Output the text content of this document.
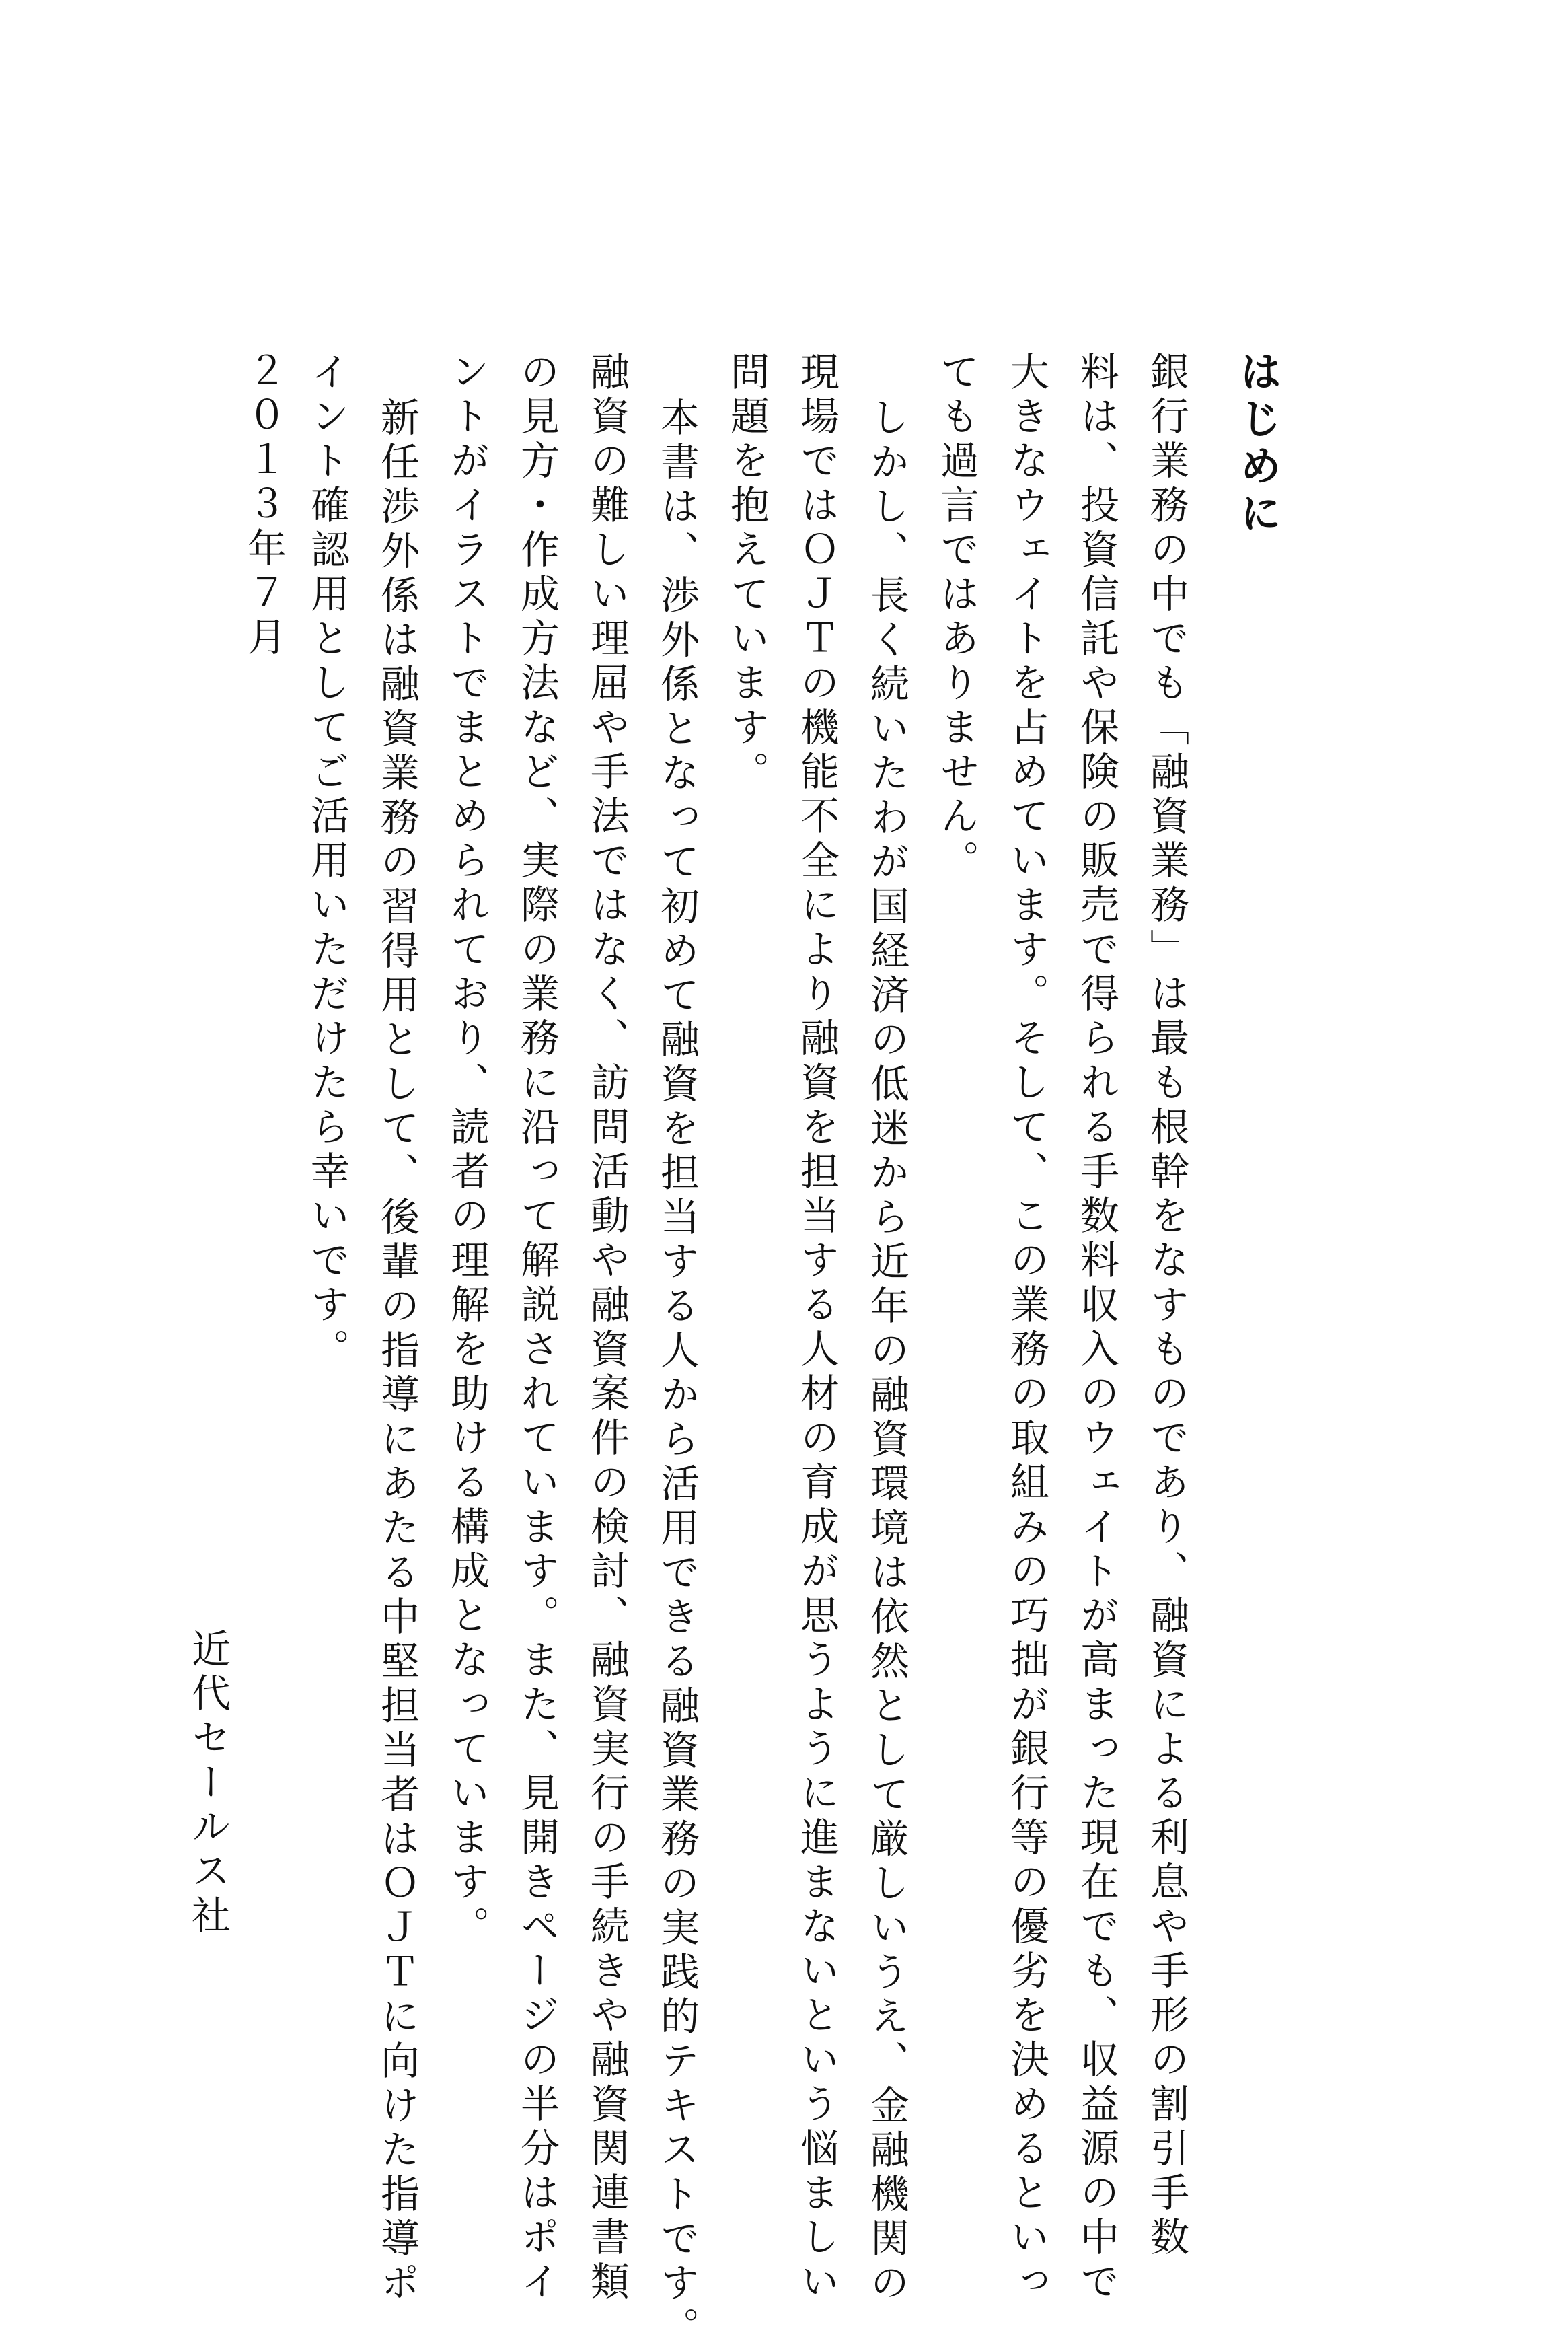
はじめに

銀行業務の中でも「融資業務」は最も根幹をなすものであり、融資による利息や手形の割引手数

料は、投資信託や保険の販売で得られる手数料収入のウェイトが高まった現在でも、収益源の中で

大きなウェイトを占めています。そして、この業務の取組みの巧拙が銀行等の優劣を決めるといっ

ても過言ではありません。

しかし、長く続いたわが国経済の低迷から近年の融資環境は依然として厳しいうえ、金融機関の

現場ではＯＪＴの機能不全により融資を担当する人材の育成が思うように進まないという悩ましい

問題を抱えています。

本書は、渉外係となって初めて融資を担当する人から活用できる融資業務の実践的テキストです。

融資の難しい理屈や手法ではなく、訪問活動や融資案件の検討、融資実行の手続きや融資関連書類

の見方・作成方法など、実際の業務に沿って解説されています。また、見開きページの半分はポイ

ントがイラストでまとめられており、読者の理解を助ける構成となっています。

新任渉外係は融資業務の習得用として、後輩の指導にあたる中堅担当者はＯＪＴに向けた指導ポ

イント確認用としてご活用いただけたら幸いです。

２０１３年７月

近代セールス社
